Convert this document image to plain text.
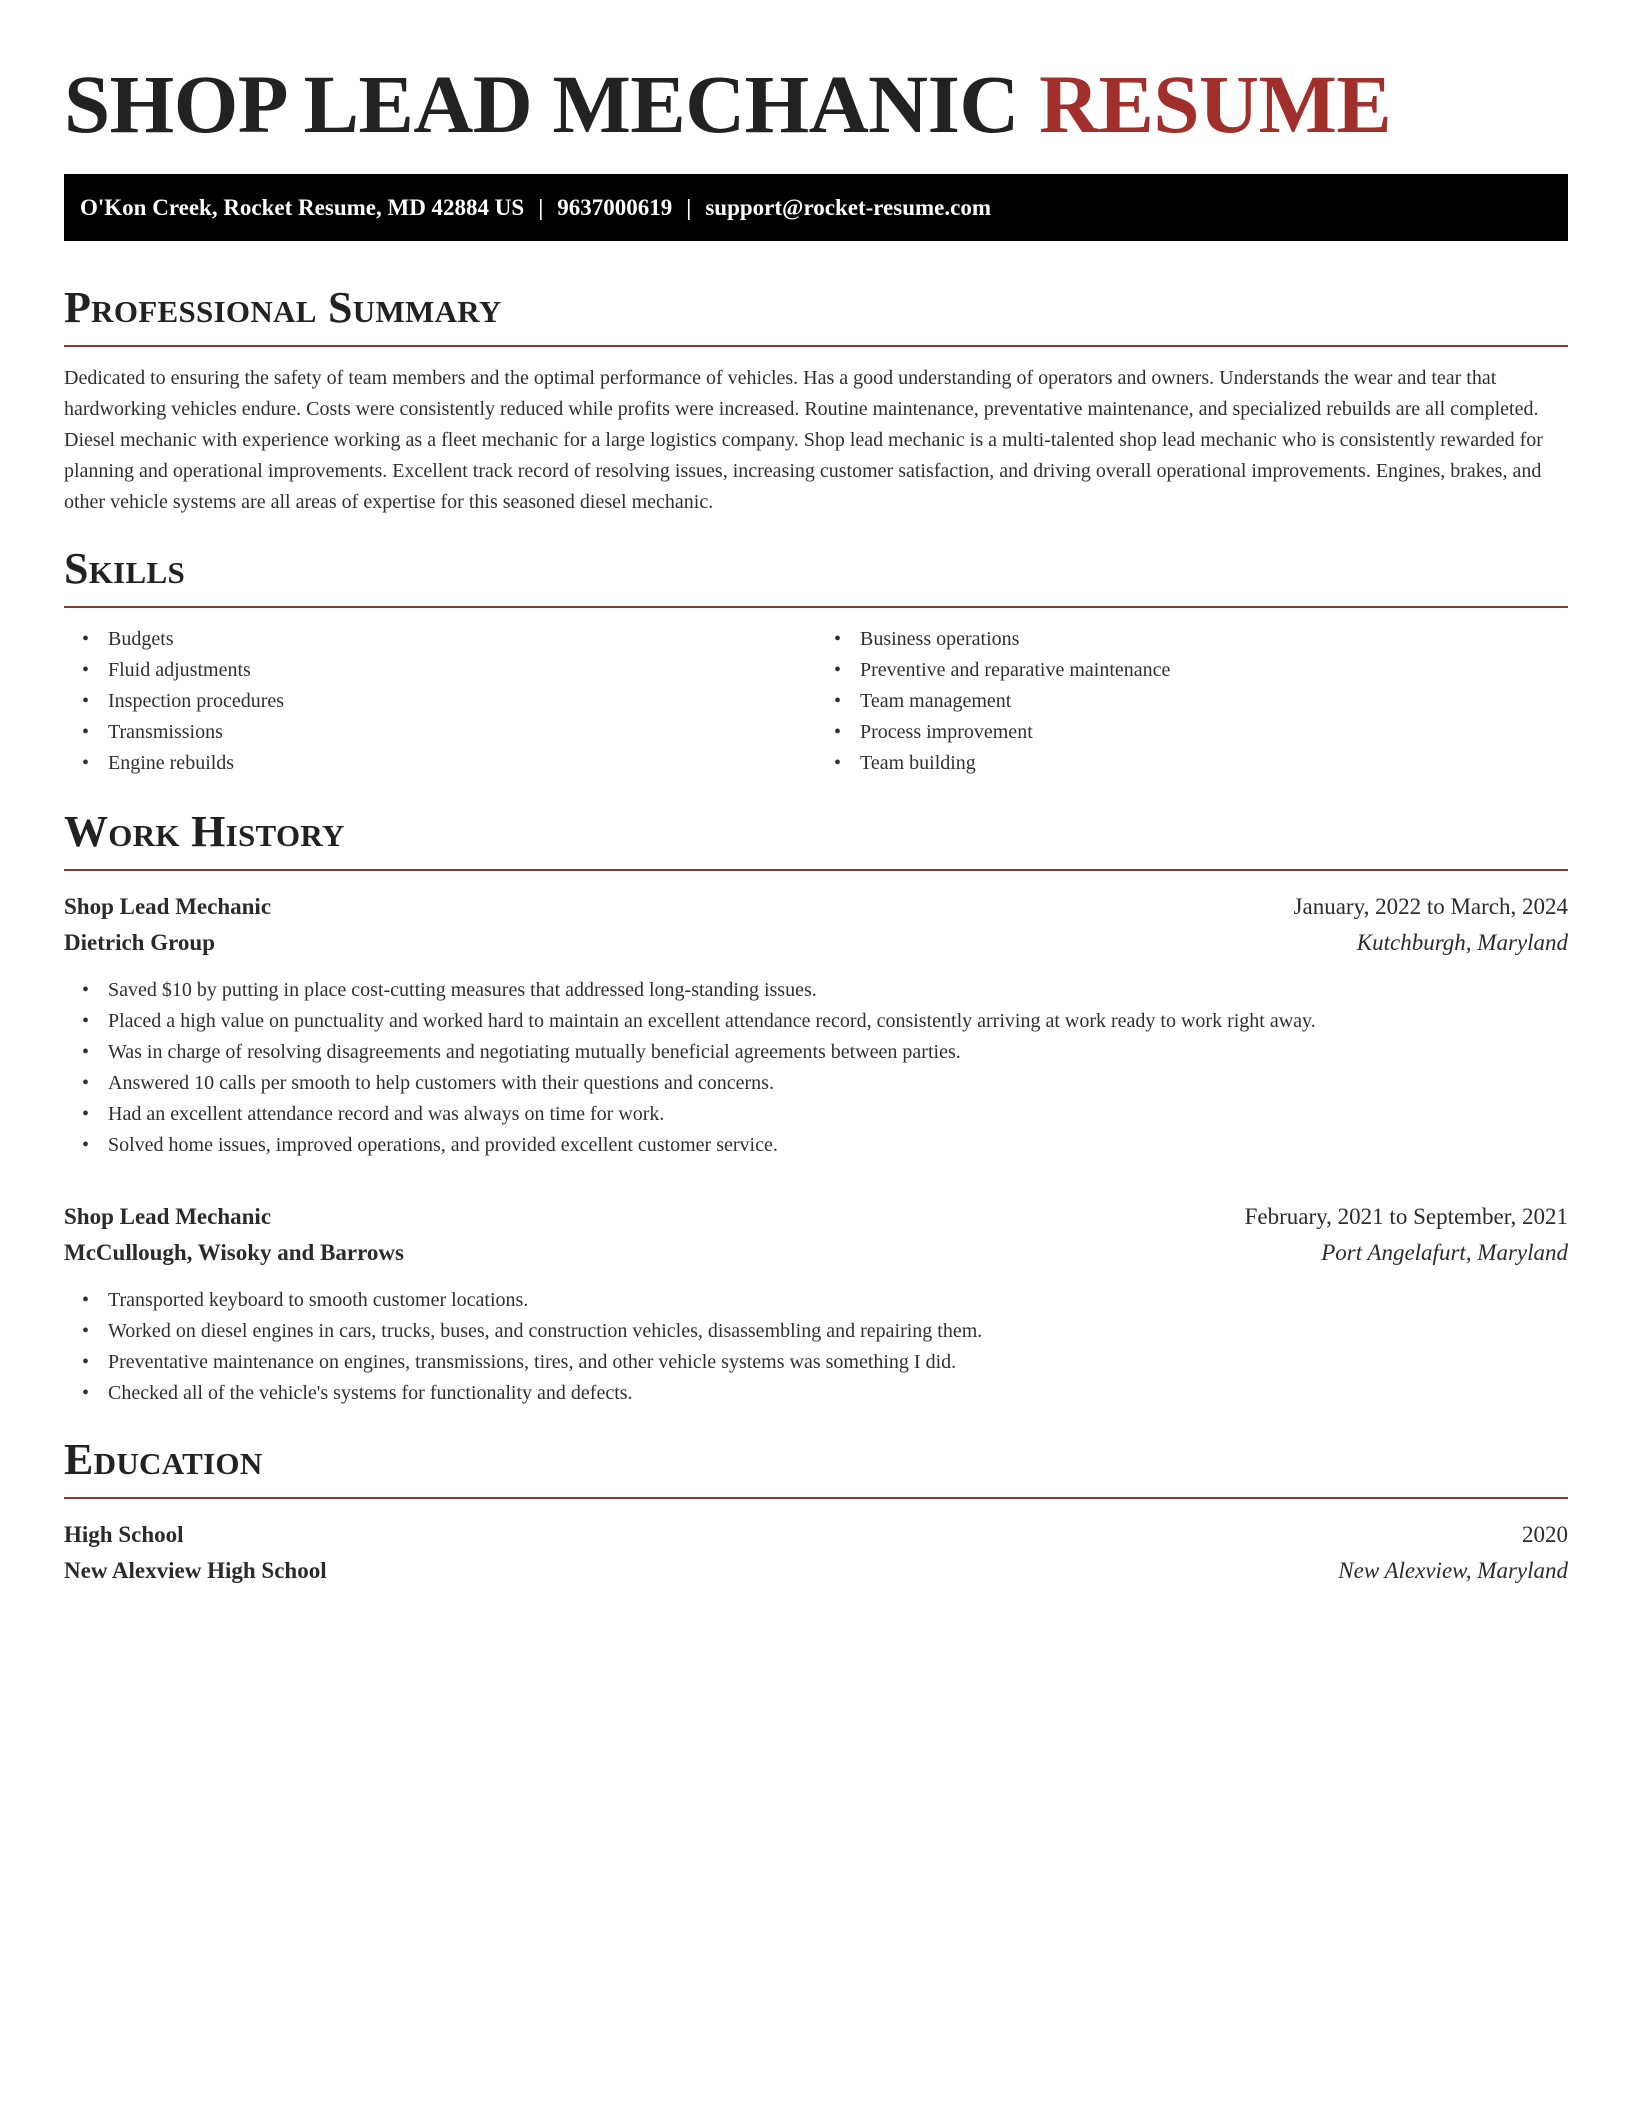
SHOP LEAD MECHANIC RESUME
O'Kon Creek, Rocket Resume, MD 42884 US | 9637000619 | support@rocket-resume.com
Professional Summary

Dedicated to ensuring the safety of team members and the optimal performance of vehicles. Has a good understanding of operators and owners. Understands the wear and tear that hardworking vehicles endure. Costs were consistently reduced while profits were increased. Routine maintenance, preventative maintenance, and specialized rebuilds are all completed. Diesel mechanic with experience working as a fleet mechanic for a large logistics company. Shop lead mechanic is a multi-talented shop lead mechanic who is consistently rewarded for planning and operational improvements. Excellent track record of resolving issues, increasing customer satisfaction, and driving overall operational improvements. Engines, brakes, and other vehicle systems are all areas of expertise for this seasoned diesel mechanic.

Skills
• Budgets
• Fluid adjustments
• Inspection procedures
• Transmissions
• Engine rebuilds
• Business operations
• Preventive and reparative maintenance
• Team management
• Process improvement
• Team building
Work History
Shop Lead Mechanic	January, 2022 to March, 2024
Dietrich Group	Kutchburgh, Maryland
• Saved $10 by putting in place cost-cutting measures that addressed long-standing issues.
• Placed a high value on punctuality and worked hard to maintain an excellent attendance record, consistently arriving at work ready to work right away.
• Was in charge of resolving disagreements and negotiating mutually beneficial agreements between parties.
• Answered 10 calls per smooth to help customers with their questions and concerns.
• Had an excellent attendance record and was always on time for work.
• Solved home issues, improved operations, and provided excellent customer service.
Shop Lead Mechanic	February, 2021 to September, 2021
McCullough, Wisoky and Barrows	Port Angelafurt, Maryland
• Transported keyboard to smooth customer locations.
• Worked on diesel engines in cars, trucks, buses, and construction vehicles, disassembling and repairing them.
• Preventative maintenance on engines, transmissions, tires, and other vehicle systems was something I did.
• Checked all of the vehicle's systems for functionality and defects.
Education
High School	2020
New Alexview High School	New Alexview, Maryland
